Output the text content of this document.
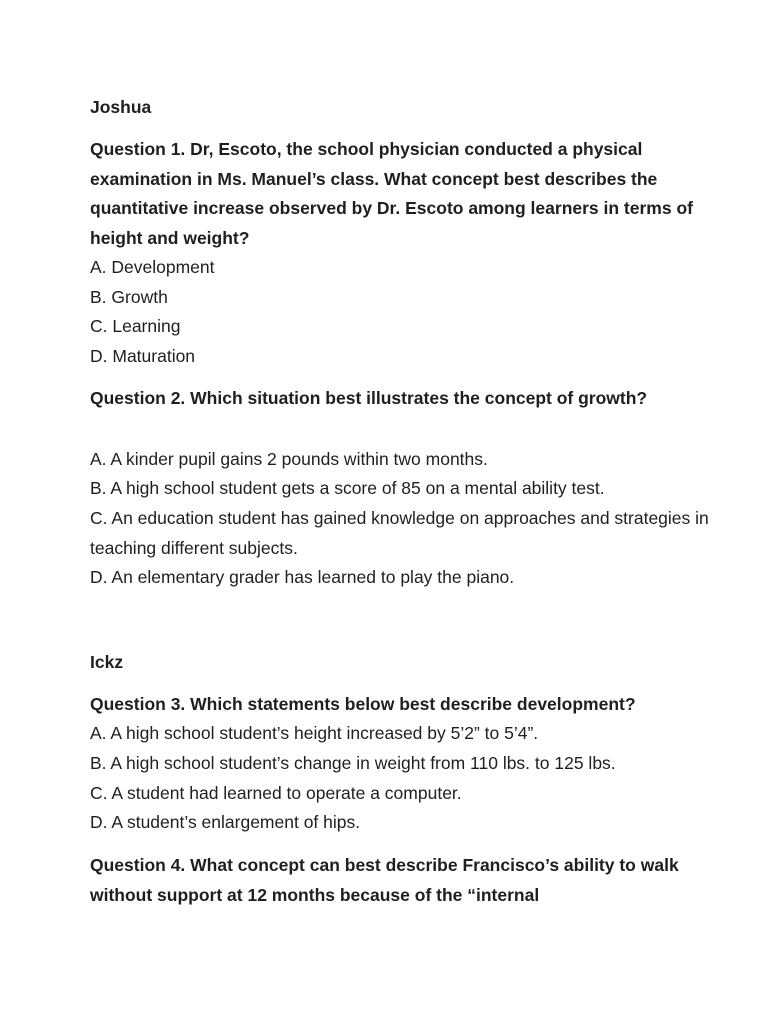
Joshua
Question 1. Dr, Escoto, the school physician conducted a physical examination in Ms. Manuel’s class. What concept best describes the quantitative increase observed by Dr. Escoto among learners in terms of height and weight?
A. Development
B. Growth
C. Learning
D. Maturation
Question 2. Which situation best illustrates the concept of growth?
A. A kinder pupil gains 2 pounds within two months.
B. A high school student gets a score of 85 on a mental ability test.
C. An education student has gained knowledge on approaches and strategies in teaching different subjects.
D. An elementary grader has learned to play the piano.
Ickz
Question 3. Which statements below best describe development?
A. A high school student’s height increased by 5’2” to 5’4”.
B. A high school student’s change in weight from 110 lbs. to 125 lbs.
C. A student had learned to operate a computer.
D. A student’s enlargement of hips.
Question 4. What concept can best describe Francisco’s ability to walk without support at 12 months because of the “internal
